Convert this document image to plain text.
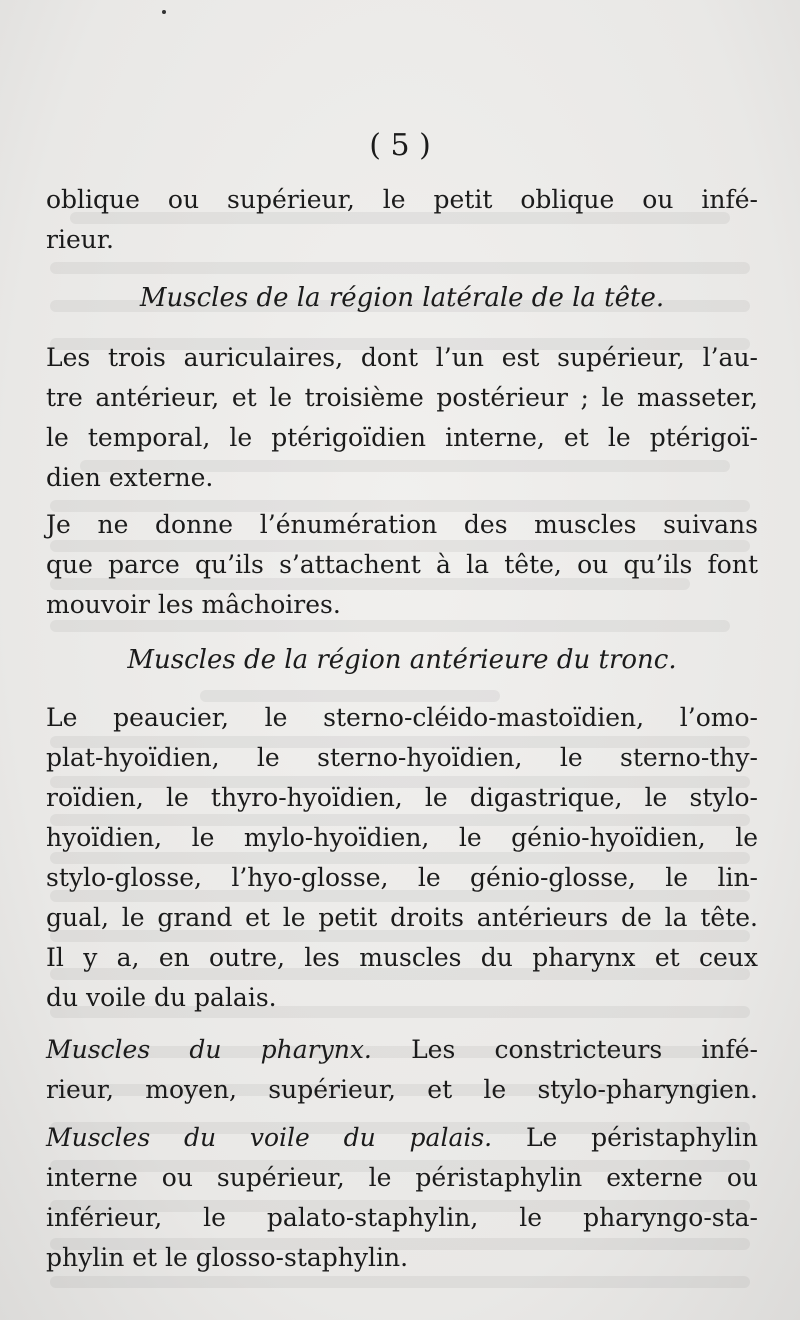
( 5 )
oblique ou supérieur, le petit oblique ou infé-
rieur.
Muscles de la région latérale de la tête.
Les trois auriculaires, dont l’un est supérieur, l’au-
tre antérieur, et le troisième postérieur ; le masseter,
le temporal, le ptérigoïdien interne, et le ptérigoï-
dien externe.
Je ne donne l’énumération des muscles suivans
que parce qu’ils s’attachent à la tête, ou qu’ils font
mouvoir les mâchoires.
Muscles de la région antérieure du tronc.
Le peaucier, le sterno-cléido-mastoïdien, l’omo-
plat-hyoïdien, le sterno-hyoïdien, le sterno-thy-
roïdien, le thyro-hyoïdien, le digastrique, le stylo-
hyoïdien, le mylo-hyoïdien, le génio-hyoïdien, le
stylo-glosse, l’hyo-glosse, le génio-glosse, le lin-
gual, le grand et le petit droits antérieurs de la tête.
Il y a, en outre, les muscles du pharynx et ceux
du voile du palais.
Muscles du pharynx. Les constricteurs infé-
rieur, moyen, supérieur, et le stylo-pharyngien.
Muscles du voile du palais. Le péristaphylin
interne ou supérieur, le péristaphylin externe ou
inférieur, le palato-staphylin, le pharyngo-sta-
phylin et le glosso-staphylin.
